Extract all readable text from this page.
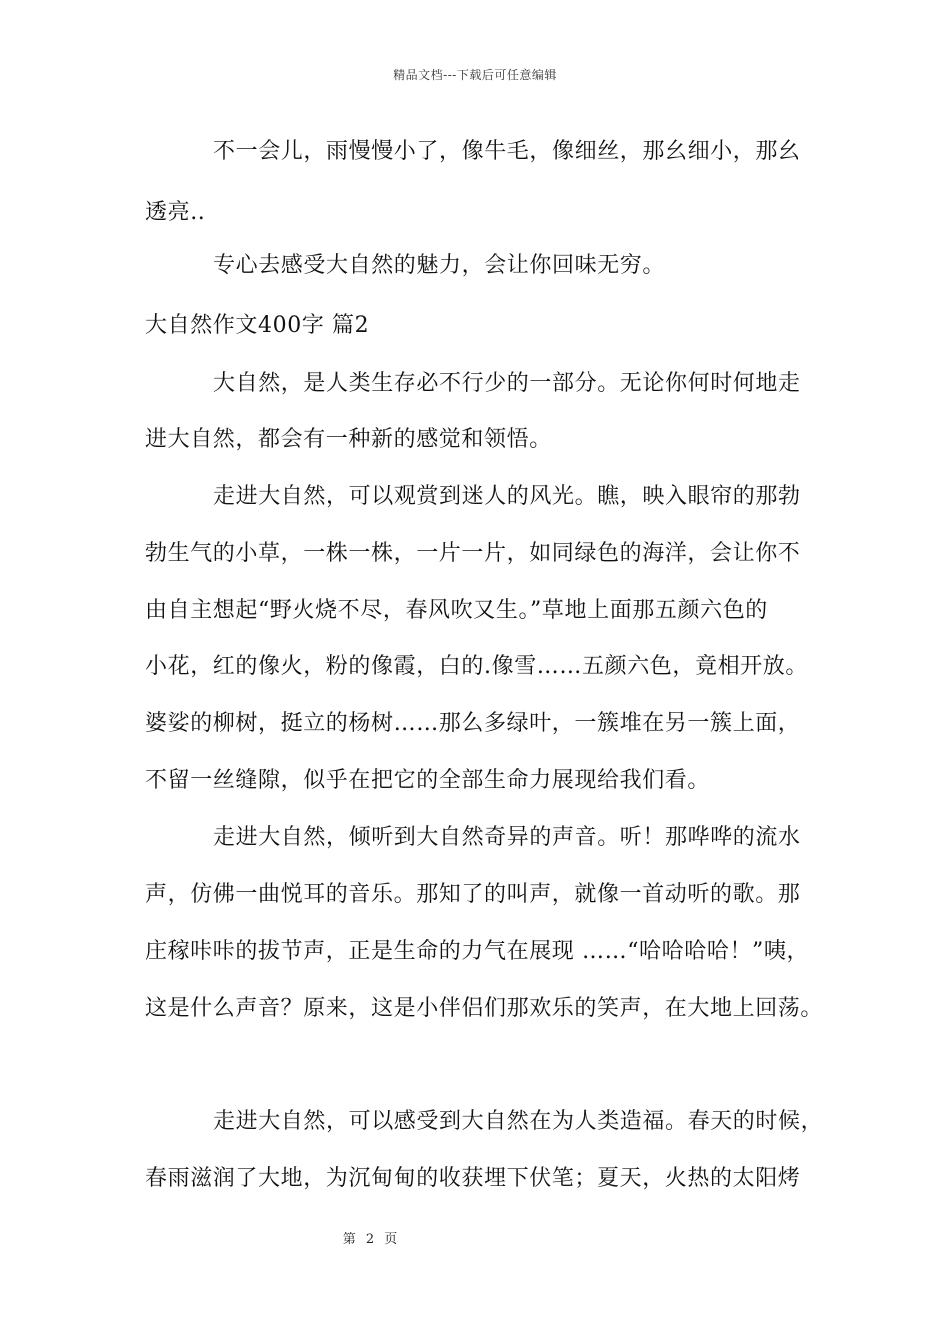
精品文档---下载后可任意编辑
不一会儿，雨慢慢小了，像牛毛，像细丝，那幺细小，那幺
透亮..
专心去感受大自然的魅力，会让你回味无穷。
大自然作文400字 篇2
大自然，是人类生存必不行少的一部分。无论你何时何地走
进大自然，都会有一种新的感觉和领悟。
走进大自然，可以观赏到迷人的风光。瞧，映入眼帘的那勃
勃生气的小草，一株一株，一片一片，如同绿色的海洋，会让你不
由自主想起“野火烧不尽，春风吹又生。”草地上面那五颜六色的
小花，红的像火，粉的像霞，白的.像雪……五颜六色，竟相开放。
婆娑的柳树，挺立的杨树……那么多绿叶，一簇堆在另一簇上面，
不留一丝缝隙，似乎在把它的全部生命力展现给我们看。
走进大自然，倾听到大自然奇异的声音。听！那哗哗的流水
声，仿佛一曲悦耳的音乐。那知了的叫声，就像一首动听的歌。那
庄稼咔咔的拔节声，正是生命的力气在展现 ……“哈哈哈哈！”咦，
这是什么声音？原来，这是小伴侣们那欢乐的笑声，在大地上回荡。
走进大自然，可以感受到大自然在为人类造福。春天的时候，
春雨滋润了大地，为沉甸甸的收获埋下伏笔；夏天，火热的太阳烤
第 2 页
